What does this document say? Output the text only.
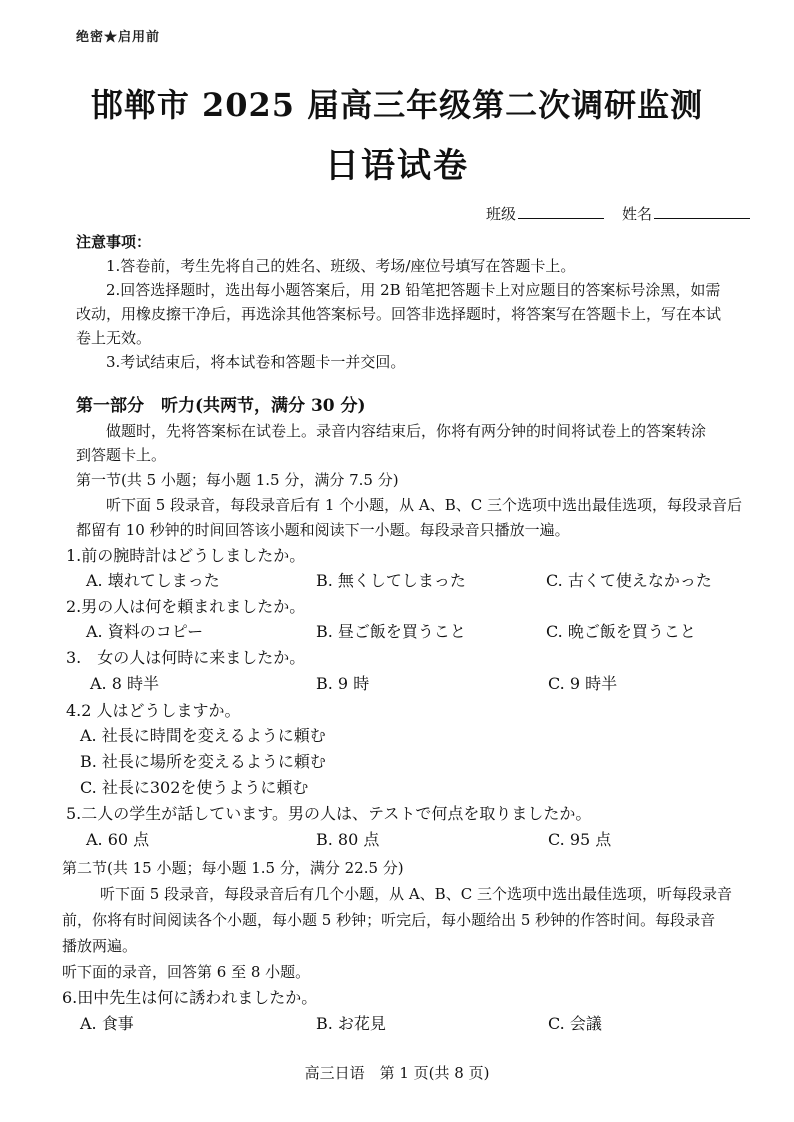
绝密★启用前
邯郸市 2025 届高三年级第二次调研监测
日语试卷
班级	姓名
注意事项：
1.答卷前，考生先将自己的姓名、班级、考场/座位号填写在答题卡上。
2.回答选择题时，选出每小题答案后，用 2B 铅笔把答题卡上对应题目的答案标号涂黑，如需
改动，用橡皮擦干净后，再选涂其他答案标号。回答非选择题时，将答案写在答题卡上，写在本试
卷上无效。
3.考试结束后，将本试卷和答题卡一并交回。
第一部分　听力(共两节，满分 30 分)
做题时，先将答案标在试卷上。录音内容结束后，你将有两分钟的时间将试卷上的答案转涂
到答题卡上。
第一节(共 5 小题；每小题 1.5 分，满分 7.5 分)
听下面 5 段录音，每段录音后有 1 个小题，从 A、B、C 三个选项中选出最佳选项，每段录音后
都留有 10 秒钟的时间回答该小题和阅读下一小题。每段录音只播放一遍。
1.前の腕時計はどうしましたか。
A. 壊れてしまった	B. 無くしてしまった	C. 古くて使えなかった
2.男の人は何を頼まれましたか。
A. 資料のコピー	B. 昼ご飯を買うこと	C. 晩ご飯を買うこと
3.　女の人は何時に来ましたか。
A. 8 時半	B. 9 時	C. 9 時半
4.2 人はどうしますか。
A. 社長に時間を変えるように頼む
B. 社長に場所を変えるように頼む
C. 社長に302を使うように頼む
5.二人の学生が話しています。男の人は、テストで何点を取りましたか。
A. 60 点	B. 80 点	C. 95 点
第二节(共 15 小题；每小题 1.5 分，满分 22.5 分)
听下面 5 段录音，每段录音后有几个小题，从 A、B、C 三个选项中选出最佳选项，听每段录音
前，你将有时间阅读各个小题，每小题 5 秒钟；听完后，每小题给出 5 秒钟的作答时间。每段录音
播放两遍。
听下面的录音，回答第 6 至 8 小题。
6.田中先生は何に誘われましたか。
A. 食事	B. お花見	C. 会議
高三日语　第 1 页(共 8 页)
